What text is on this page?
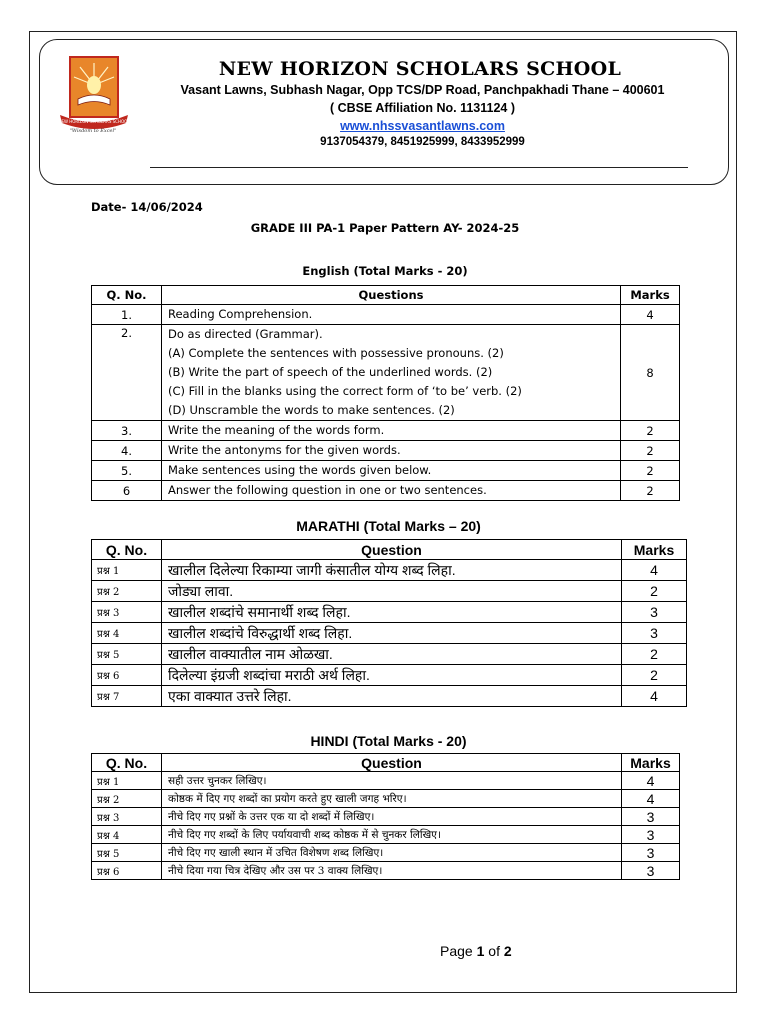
NEW HORIZON SCHOLARS SCHOOL
"Wisdom to Excel"
NEW HORIZON SCHOLARS SCHOOL
Vasant Lawns, Subhash Nagar, Opp TCS/DP Road, Panchpakhadi Thane – 400601
( CBSE Affiliation No. 1131124 )
www.nhssvasantlawns.com
9137054379, 8451925999, 8433952999
Date- 14/06/2024
GRADE III PA-1 Paper Pattern AY- 2024-25
English (Total Marks - 20)
Q. No.	Questions	Marks
1.	Reading Comprehension.	4
2.	Do as directed (Grammar).
(A) Complete the sentences with possessive pronouns. (2)
(B) Write the part of speech of the underlined words. (2)
(C) Fill in the blanks using the correct form of ‘to be’ verb. (2)
(D) Unscramble the words to make sentences. (2)	8
3.	Write the meaning of the words form.	2
4.	Write the antonyms for the given words.	2
5.	Make sentences using the words given below.	2
6	Answer the following question in one or two sentences.	2
MARATHI (Total Marks – 20)
Q. No.	Question	Marks
प्रश्न 1	खालील दिलेल्या रिकाम्या जागी कंसातील योग्य शब्द लिहा.	4
प्रश्न 2	जोड्या लावा.	2
प्रश्न 3	खालील शब्दांचे समानार्थी शब्द लिहा.	3
प्रश्न 4	खालील शब्दांचे विरुद्धार्थी शब्द लिहा.	3
प्रश्न 5	खालील वाक्यातील नाम ओळखा.	2
प्रश्न 6	दिलेल्या इंग्रजी शब्दांचा मराठी अर्थ लिहा.	2
प्रश्न 7	एका वाक्यात उत्तरे लिहा.	4
HINDI (Total Marks - 20)
Q. No.	Question	Marks
प्रश्न 1	सही उत्तर चुनकर लिखिए।	4
प्रश्न 2	कोष्ठक में दिए गए शब्दों का प्रयोग करते हुए खाली जगह भरिए।	4
प्रश्न 3	नीचे दिए गए प्रश्नों के उत्तर एक या दो शब्दों में लिखिए।	3
प्रश्न 4	नीचे दिए गए शब्दों के लिए पर्यायवाची शब्द कोष्ठक में से चुनकर लिखिए।	3
प्रश्न 5	नीचे दिए गए खाली स्थान में उचित विशेषण शब्द लिखिए।	3
प्रश्न 6	नीचे दिया गया चित्र देखिए और उस पर 3 वाक्य लिखिए।	3
Page 1 of 2
